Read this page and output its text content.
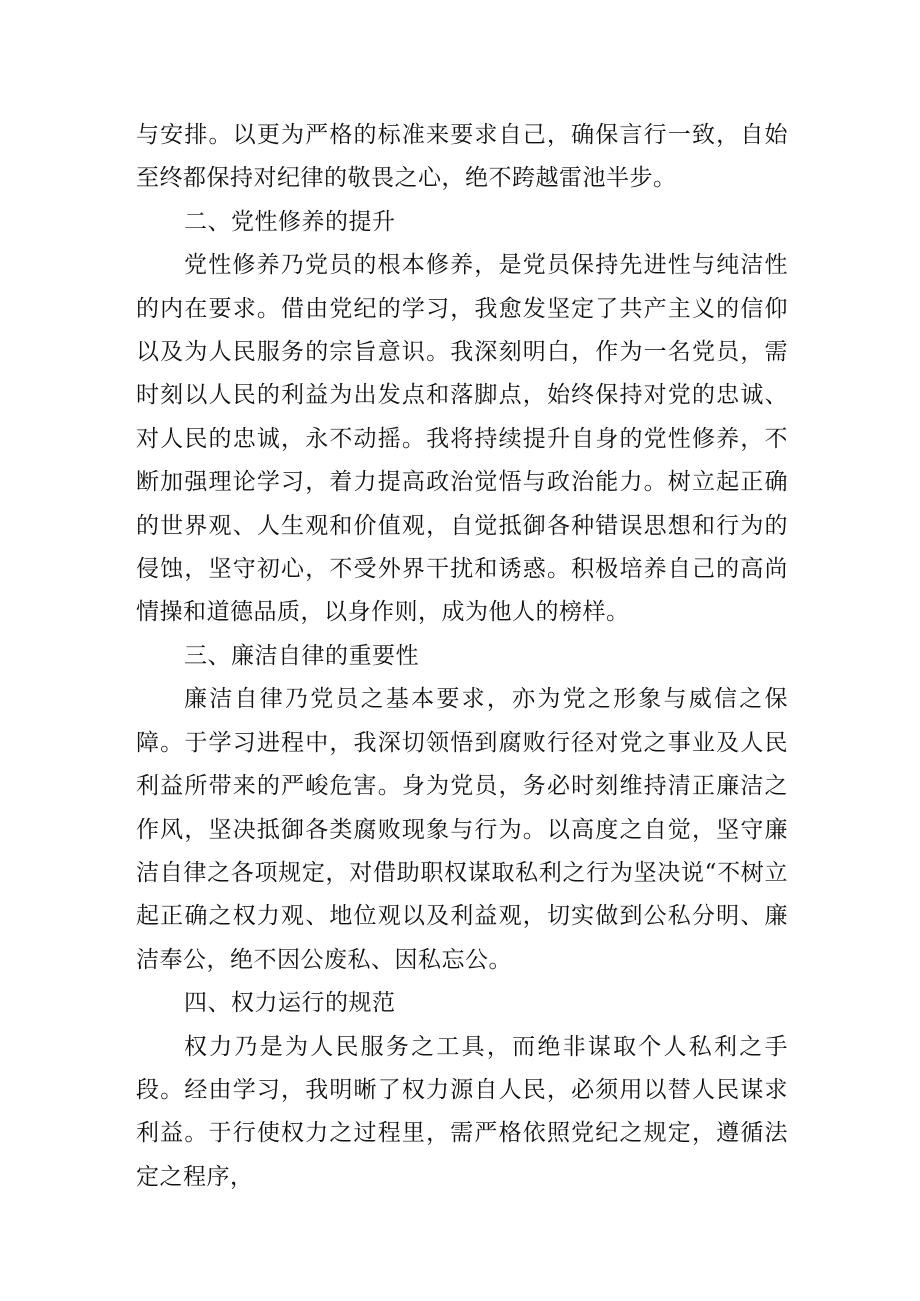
与安排。以更为严格的标准来要求自己，确保言行一致，自始至终都保持对纪律的敬畏之心，绝不跨越雷池半步。

二、党性修养的提升

党性修养乃党员的根本修养，是党员保持先进性与纯洁性的内在要求。借由党纪的学习，我愈发坚定了共产主义的信仰以及为人民服务的宗旨意识。我深刻明白，作为一名党员，需时刻以人民的利益为出发点和落脚点，始终保持对党的忠诚、对人民的忠诚，永不动摇。我将持续提升自身的党性修养，不断加强理论学习，着力提高政治觉悟与政治能力。树立起正确的世界观、人生观和价值观，自觉抵御各种错误思想和行为的侵蚀，坚守初心，不受外界干扰和诱惑。积极培养自己的高尚情操和道德品质，以身作则，成为他人的榜样。

三、廉洁自律的重要性

廉洁自律乃党员之基本要求，亦为党之形象与威信之保障。于学习进程中，我深切领悟到腐败行径对党之事业及人民利益所带来的严峻危害。身为党员，务必时刻维持清正廉洁之作风，坚决抵御各类腐败现象与行为。以高度之自觉，坚守廉洁自律之各项规定，对借助职权谋取私利之行为坚决说“不树立起正确之权力观、地位观以及利益观，切实做到公私分明、廉洁奉公，绝不因公废私、因私忘公。

四、权力运行的规范

权力乃是为人民服务之工具，而绝非谋取个人私利之手段。经由学习，我明晰了权力源自人民，必须用以替人民谋求利益。于行使权力之过程里，需严格依照党纪之规定，遵循法定之程序，
